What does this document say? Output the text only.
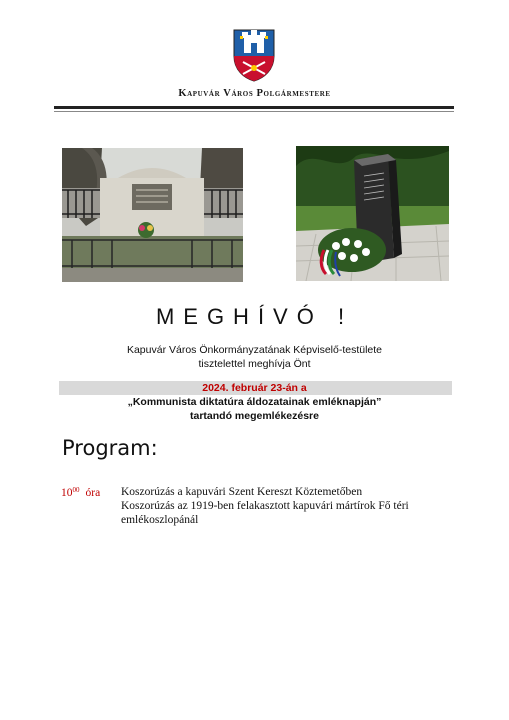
Kapuvár Város Polgármestere
MEGHÍVÓ !
Kapuvár Város Önkormányzatának Képviselő-testülete
tisztelettel meghívja Önt
2024. február 23-án a
„Kommunista diktatúra áldozatainak emléknapján”
tartandó megemlékezésre
Program:
$10^{00}$ óra Koszorúzás a kapuvári Szent Kereszt Köztemetőben
Koszorúzás az 1919-ben felakasztott kapuvári mártírok Fő téri
emlékoszlopánál
